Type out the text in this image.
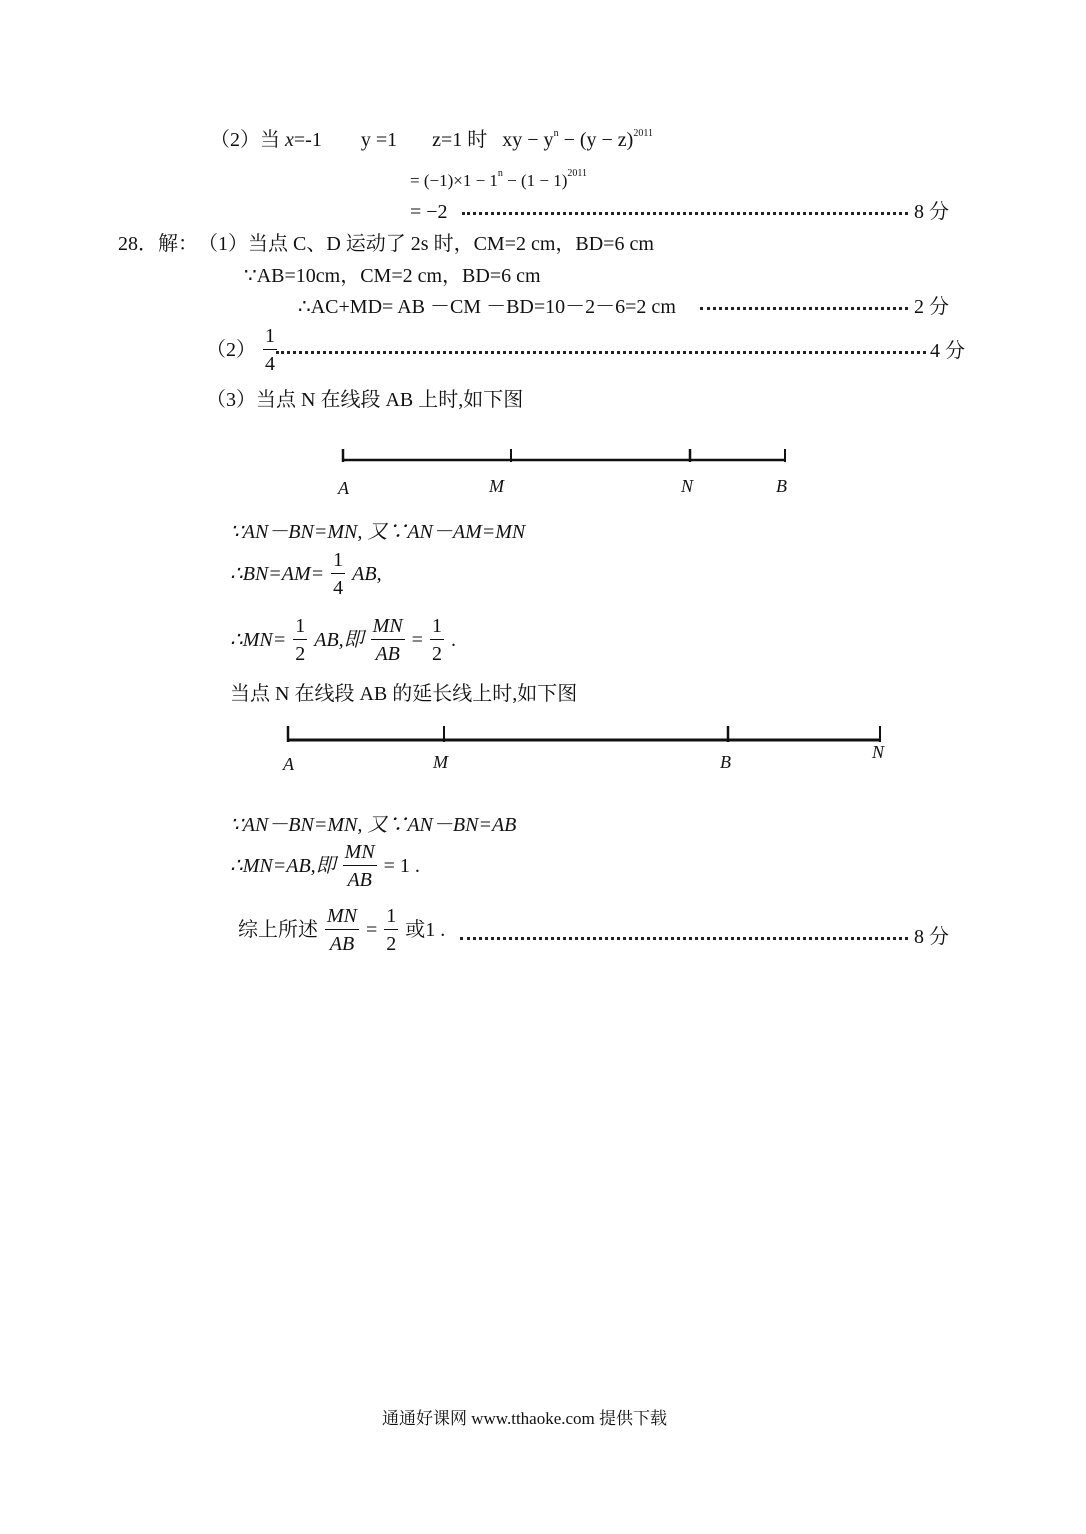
（2）当 x=-1 y =1 z=1 时 xy − $y^n - (y - z)^{2011}$
= $(-1)\times 1 - 1^n - (1 - 1)^{2011}$
= −2	8 分
28．解： （1）当点 C、D 运动了 2s 时，CM=2 cm，BD=6 cm
∵AB=10cm，CM=2 cm，BD=6 cm
∴AC+MD= AB －CM －BD=10－2－6=2 cm	2 分
$(2) \frac{1}{4}$	4 分
（3）当点 N 在线段 AB 上时,如下图
A	M	N	B
∵AN－BN=MN, 又∵AN－AM=MN
∴BN=AM= $\frac{1}{4}$ AB,
∴MN= $\frac{1}{2}$ AB,即 $\frac{MN}{AB} = \frac{1}{2}$ .
当点 N 在线段 AB 的延长线上时,如下图
A	M	B	N
∵AN－BN=MN, 又∵AN－BN=AB
∴MN=AB,即 $\frac{MN}{AB} = 1$ .
综上所述 $\frac{MN}{AB} = \frac{1}{2}$ 或1 .	8 分
通通好课网 www.tthaoke.com 提供下载
